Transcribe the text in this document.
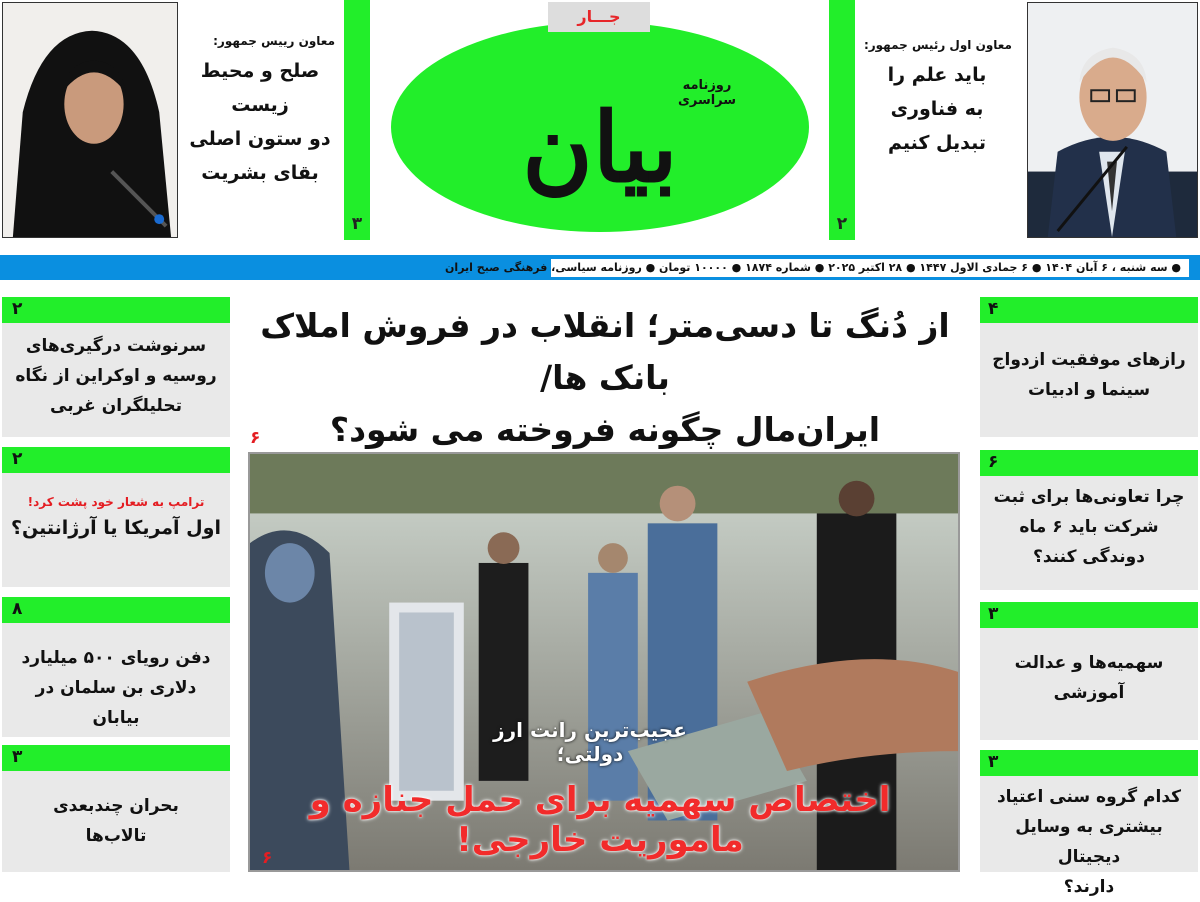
معاون اول رئیس جمهور:
باید علم را
به فناوری
تبدیل کنیم
۲
جـــار
روزنامه سراسری
بیان
۳
معاون رییس جمهور:
صلح و محیط زیست
دو ستون اصلی
بقای بشریت
● سه شنبه ، ۶ آبان ۱۴۰۴ ● ۶ جمادی الاول ۱۴۴۷ ● ۲۸ اکتبر ۲۰۲۵ ● شماره ۱۸۷۴ ● ۱۰۰۰۰ تومان ● روزنامه سیاسی، فرهنگی صبح ایران
۴
رازهای موفقیت ازدواج
سینما و ادبیات
۶
چرا تعاونی‌ها برای ثبت
شرکت باید ۶ ماه
دوندگی کنند؟
۳
سهمیه‌ها و عدالت
آموزشی
۳
کدام گروه سنی اعتیاد
بیشتری به وسایل دیجیتال
دارند؟
۲
سرنوشت درگیری‌های
روسیه و اوکراین از نگاه
تحلیلگران غربی
۲
ترامپ به شعار خود پشت کرد!
اول آمریکا یا آرژانتین؟
۸
دفن رویای ۵۰۰ میلیارد
دلاری بن سلمان در بیابان
۳
بحران چندبعدی
تالاب‌ها
از دُنگ تا دسی‌متر؛ انقلاب در فروش املاک بانک ها/
ایران‌مال چگونه فروخته می شود؟
۶
عجیب‌ترین رانت ارز دولتی؛
اختصاص سهمیه برای حمل جنازه و ماموریت خارجی!
۶
